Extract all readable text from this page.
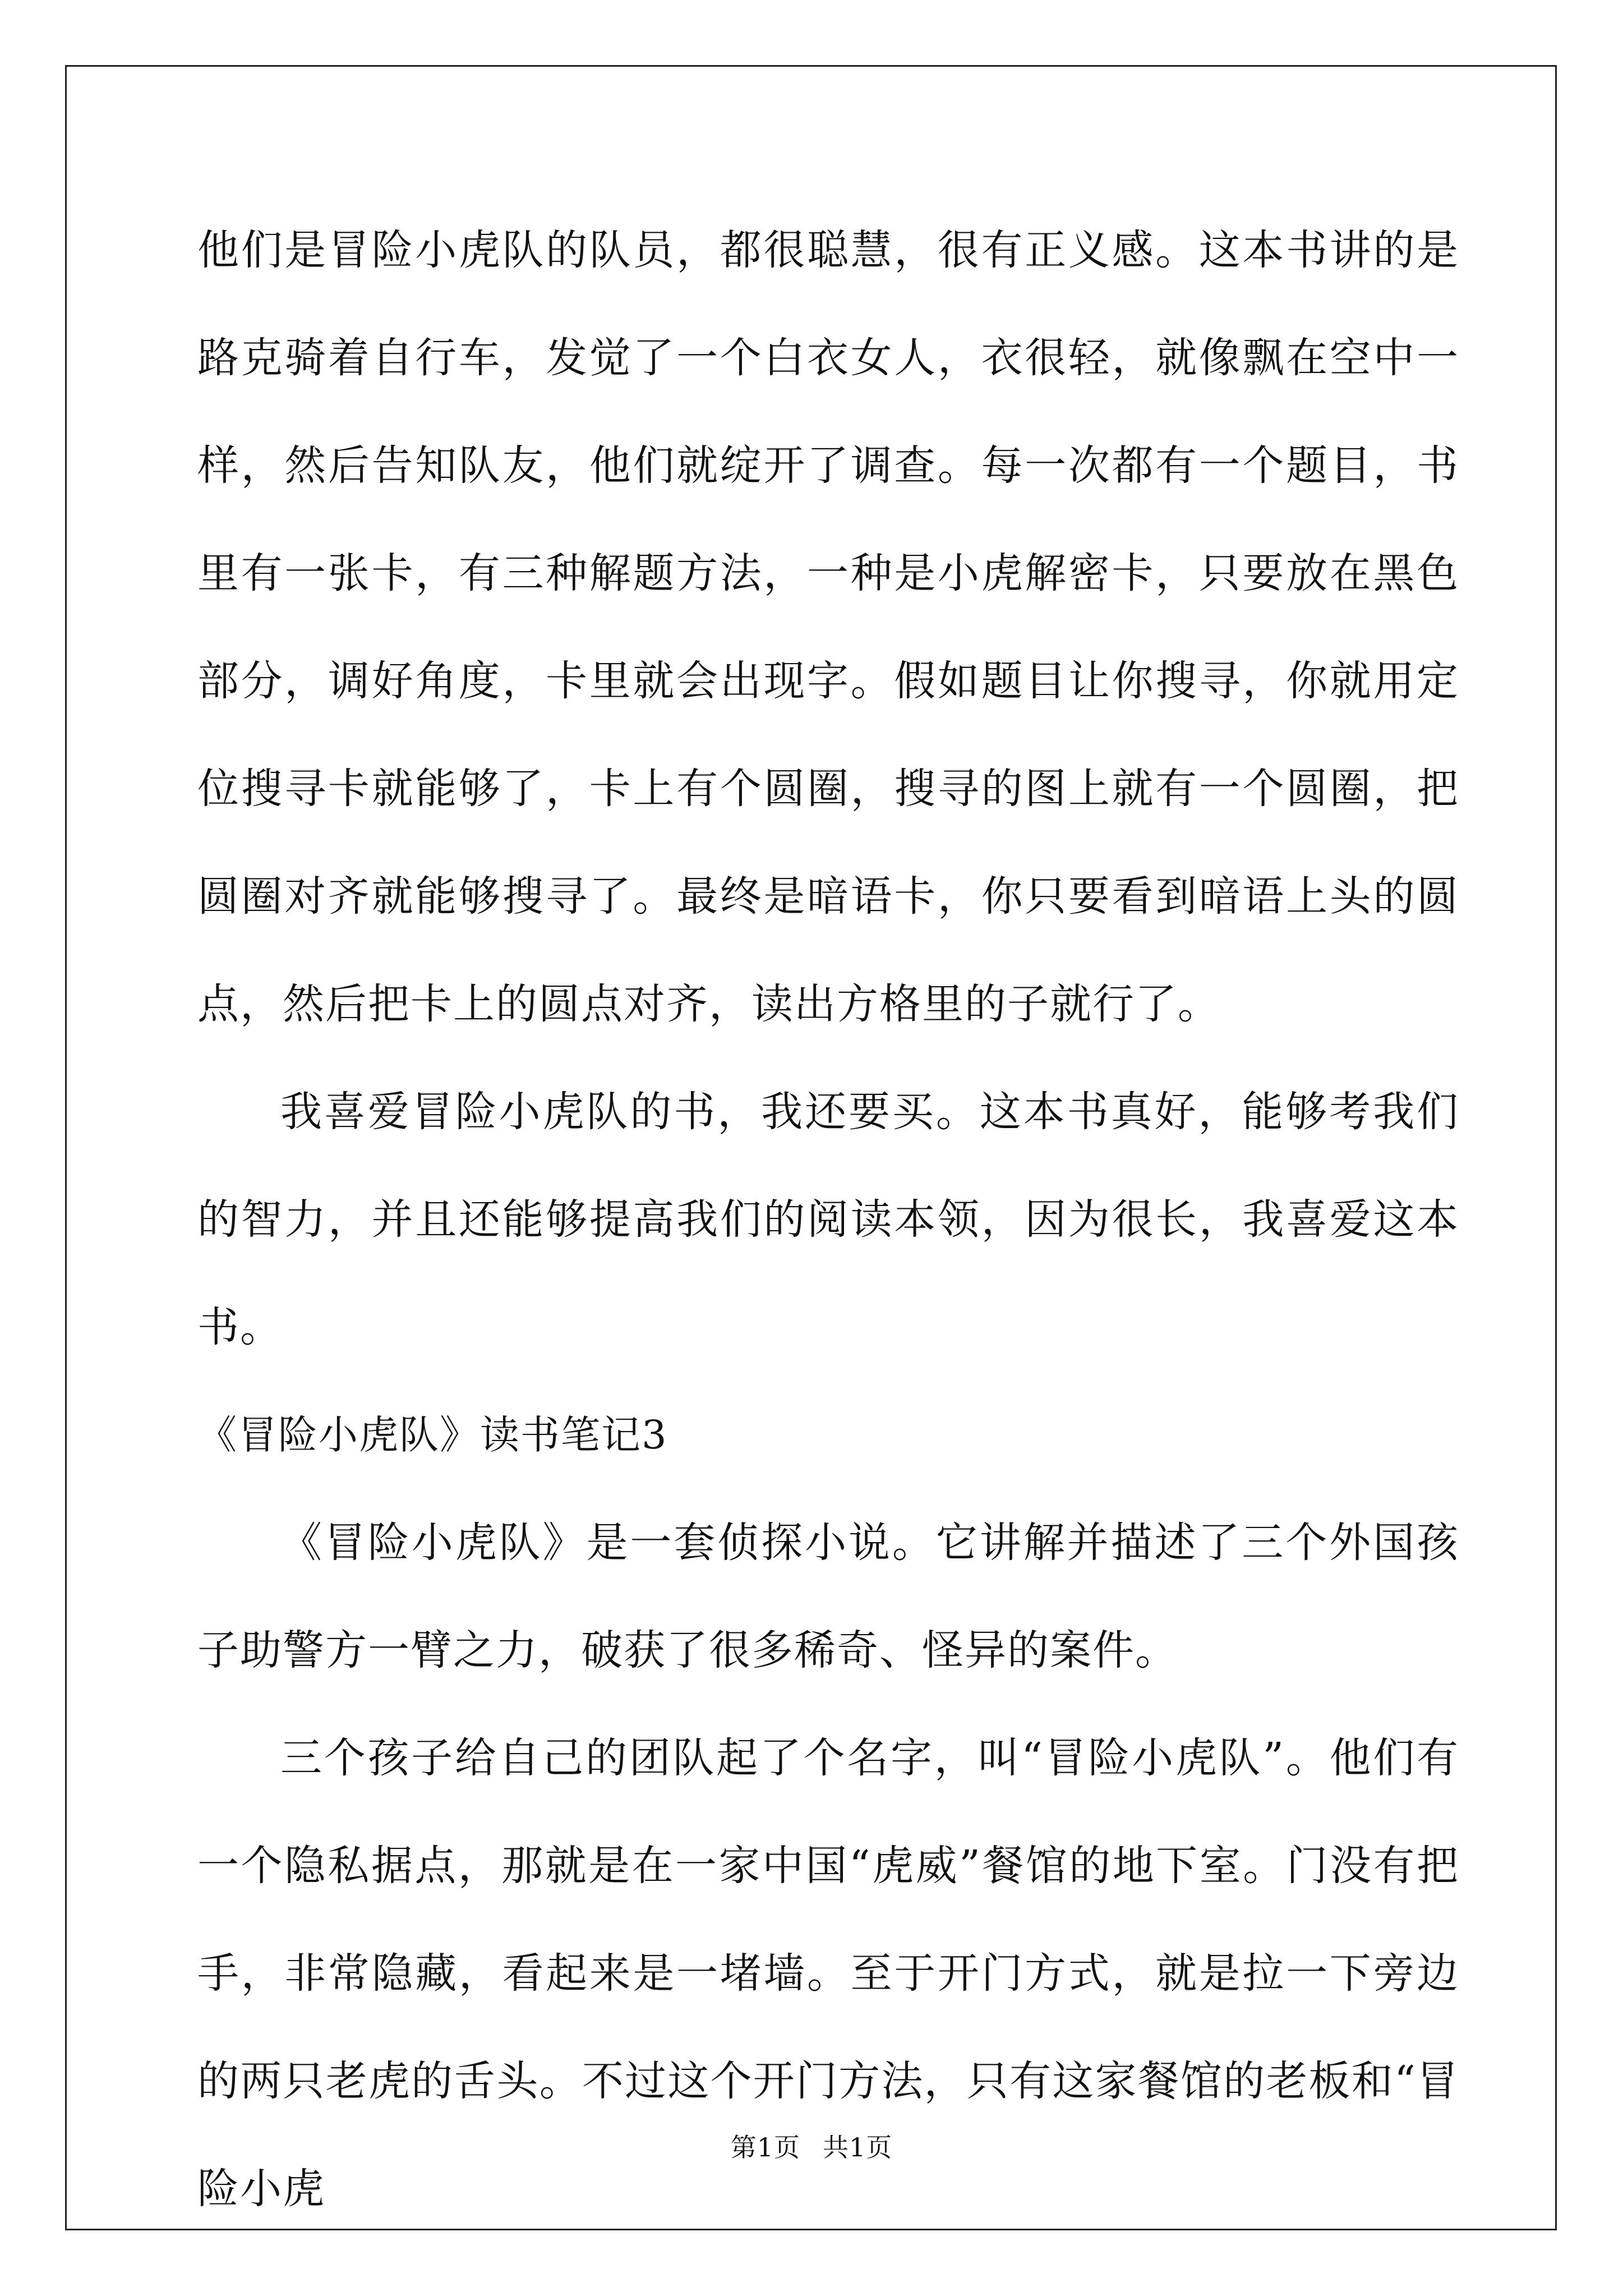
他们是冒险小虎队的队员，都很聪慧，很有正义感。这本书讲的是路克骑着自行车，发觉了一个白衣女人，衣很轻，就像飘在空中一样，然后告知队友，他们就绽开了调查。每一次都有一个题目，书里有一张卡，有三种解题方法，一种是小虎解密卡，只要放在黑色部分，调好角度，卡里就会出现字。假如题目让你搜寻，你就用定位搜寻卡就能够了，卡上有个圆圈，搜寻的图上就有一个圆圈，把圆圈对齐就能够搜寻了。最终是暗语卡，你只要看到暗语上头的圆点，然后把卡上的圆点对齐，读出方格里的子就行了。

我喜爱冒险小虎队的书，我还要买。这本书真好，能够考我们的智力，并且还能够提高我们的阅读本领，因为很长，我喜爱这本书。

《冒险小虎队》读书笔记3

《冒险小虎队》是一套侦探小说。它讲解并描述了三个外国孩子助警方一臂之力，破获了很多稀奇、怪异的案件。

三个孩子给自己的团队起了个名字，叫“冒险小虎队”。他们有一个隐私据点，那就是在一家中国“虎威”餐馆的地下室。门没有把手，非常隐藏，看起来是一堵墙。至于开门方式，就是拉一下旁边的两只老虎的舌头。不过这个开门方法，只有这家餐馆的老板和“冒险小虎

第1页 共1页
